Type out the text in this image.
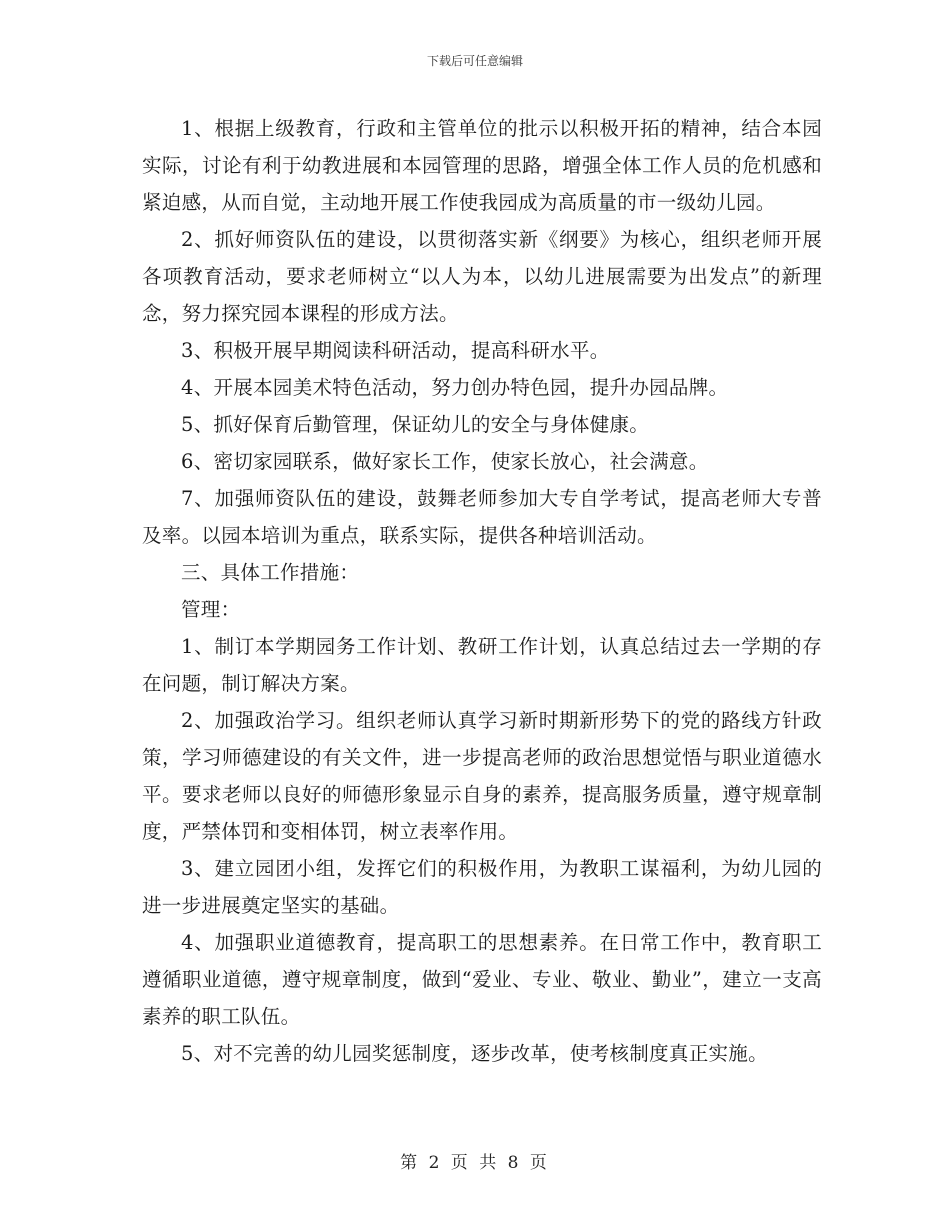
下载后可任意编辑

1、根据上级教育，行政和主管单位的批示以积极开拓的精神，结合本园实际，讨论有利于幼教进展和本园管理的思路，增强全体工作人员的危机感和紧迫感，从而自觉，主动地开展工作使我园成为高质量的市一级幼儿园。

2、抓好师资队伍的建设，以贯彻落实新《纲要》为核心，组织老师开展各项教育活动，要求老师树立“以人为本，以幼儿进展需要为出发点”的新理念，努力探究园本课程的形成方法。

3、积极开展早期阅读科研活动，提高科研水平。

4、开展本园美术特色活动，努力创办特色园，提升办园品牌。

5、抓好保育后勤管理，保证幼儿的安全与身体健康。

6、密切家园联系，做好家长工作，使家长放心，社会满意。

7、加强师资队伍的建设，鼓舞老师参加大专自学考试，提高老师大专普及率。以园本培训为重点，联系实际，提供各种培训活动。

三、具体工作措施：

管理：

1、制订本学期园务工作计划、教研工作计划，认真总结过去一学期的存在问题，制订解决方案。

2、加强政治学习。组织老师认真学习新时期新形势下的党的路线方针政策，学习师德建设的有关文件，进一步提高老师的政治思想觉悟与职业道德水平。要求老师以良好的师德形象显示自身的素养，提高服务质量，遵守规章制度，严禁体罚和变相体罚，树立表率作用。

3、建立园团小组，发挥它们的积极作用，为教职工谋福利，为幼儿园的进一步进展奠定坚实的基础。

4、加强职业道德教育，提高职工的思想素养。在日常工作中，教育职工遵循职业道德，遵守规章制度，做到“爱业、专业、敬业、勤业”，建立一支高素养的职工队伍。

5、对不完善的幼儿园奖惩制度，逐步改革，使考核制度真正实施。

第 2 页 共 8 页
